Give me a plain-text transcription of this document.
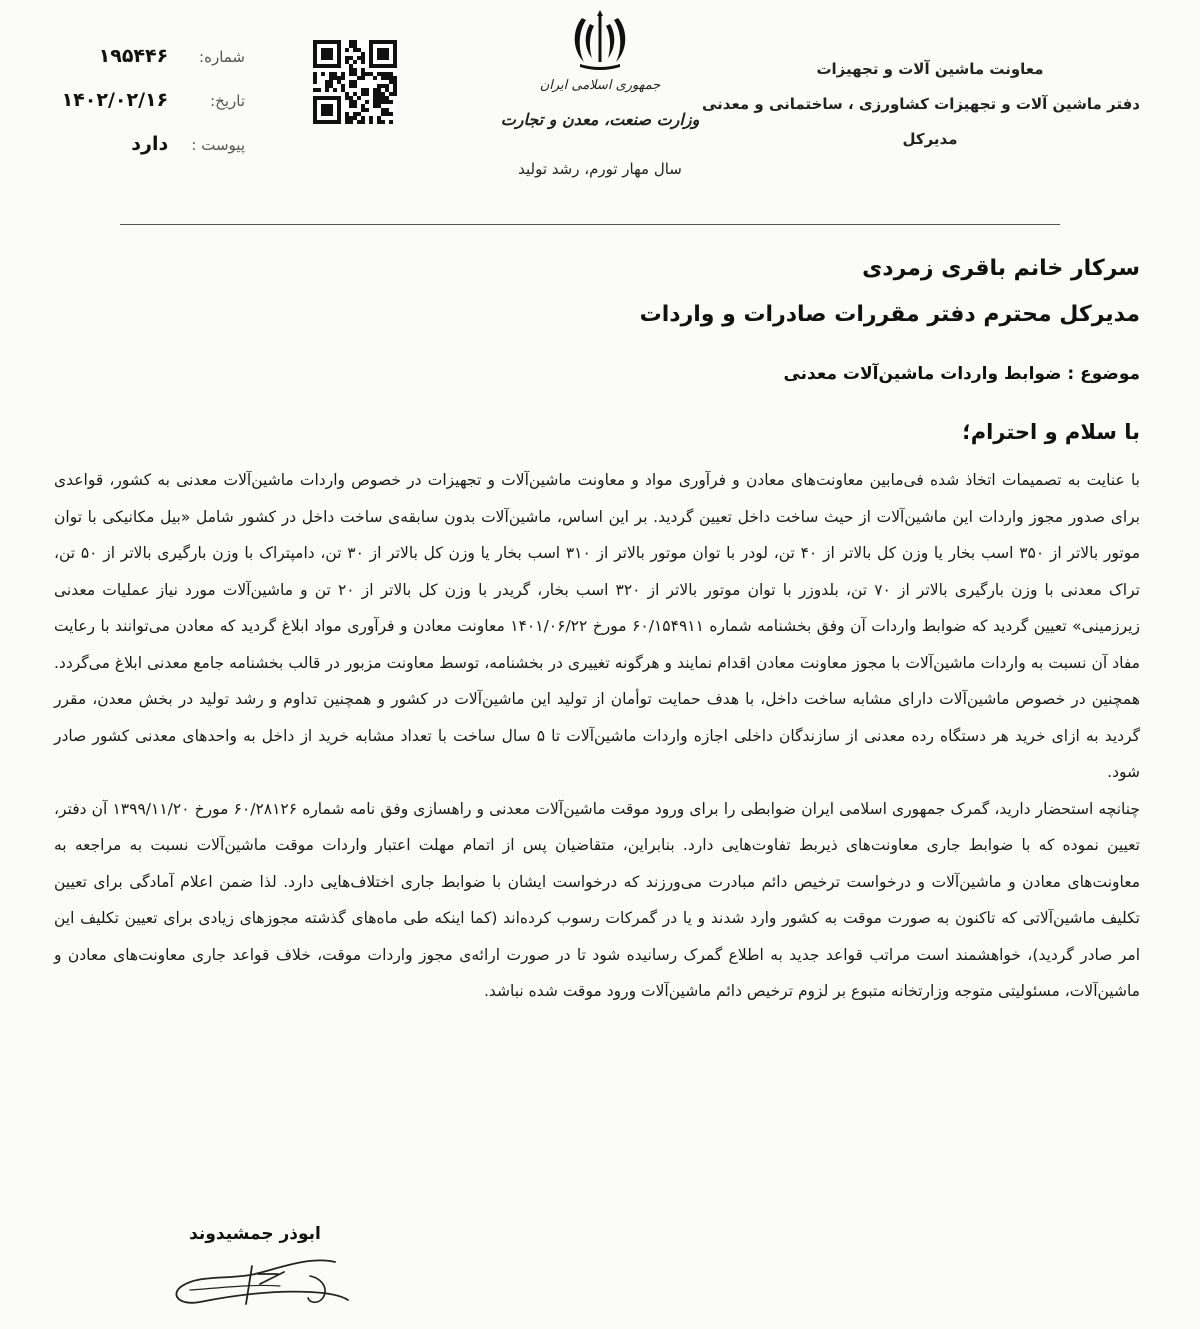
معاونت ماشین آلات و تجهیزات
دفتر ماشین آلات و تجهیزات کشاورزی ، ساختمانی و معدنی
مدیرکل
جمهوری اسلامی ایران
وزارت صنعت، معدن و تجارت
سال مهار تورم، رشد تولید
شماره: ۱۹۵۴۴۶
تاریخ: ۱۴۰۲/۰۲/۱۶
پیوست : دارد
سرکار خانم باقری زمردی
مدیرکل محترم دفتر مقررات صادرات و واردات
موضوع : ضوابط واردات ماشین‌آلات معدنی
با سلام و احترام؛

با عنایت به تصمیمات اتخاذ شده فی‌مابین معاونت‌های معادن و فرآوری مواد و معاونت ماشین‌آلات و تجهیزات در خصوص واردات ماشین‌آلات معدنی به کشور، قواعدی برای صدور مجوز واردات این ماشین‌آلات از حیث ساخت داخل تعیین گردید. بر این اساس، ماشین‌آلات بدون سابقه‌ی ساخت داخل در کشور شامل «بیل مکانیکی با توان موتور بالاتر از ۳۵۰ اسب بخار یا وزن کل بالاتر از ۴۰ تن، لودر با توان موتور بالاتر از ۳۱۰ اسب بخار یا وزن کل بالاتر از ۳۰ تن، دامپتراک با وزن بارگیری بالاتر از ۵۰ تن، تراک معدنی با وزن بارگیری بالاتر از ۷۰ تن، بلدوزر با توان موتور بالاتر از ۳۲۰ اسب بخار، گریدر با وزن کل بالاتر از ۲۰ تن و ماشین‌آلات مورد نیاز عملیات معدنی زیرزمینی» تعیین گردید که ضوابط واردات آن وفق بخشنامه شماره ۶۰/۱۵۴۹۱۱ مورخ ۱۴۰۱/۰۶/۲۲ معاونت معادن و فرآوری مواد ابلاغ گردید که معادن می‌توانند با رعایت مفاد آن نسبت به واردات ماشین‌آلات با مجوز معاونت معادن اقدام نمایند و هرگونه تغییری در بخشنامه، توسط معاونت مزبور در قالب بخشنامه جامع معدنی ابلاغ می‌گردد. همچنین در خصوص ماشین‌آلات دارای مشابه ساخت داخل، با هدف حمایت توأمان از تولید این ماشین‌آلات در کشور و همچنین تداوم و رشد تولید در بخش معدن، مقرر گردید به ازای خرید هر دستگاه رده معدنی از سازندگان داخلی اجازه واردات ماشین‌آلات تا ۵ سال ساخت با تعداد مشابه خرید از داخل به واحدهای معدنی کشور صادر شود.

چنانچه استحضار دارید، گمرک جمهوری اسلامی ایران ضوابطی را برای ورود موقت ماشین‌آلات معدنی و راهسازی وفق نامه شماره ۶۰/۲۸۱۲۶ مورخ ۱۳۹۹/۱۱/۲۰ آن دفتر، تعیین نموده که با ضوابط جاری معاونت‌های ذیربط تفاوت‌هایی دارد. بنابراین، متقاضیان پس از اتمام مهلت اعتبار واردات موقت ماشین‌آلات نسبت به مراجعه به معاونت‌های معادن و ماشین‌آلات و درخواست ترخیص دائم مبادرت می‌ورزند که درخواست ایشان با ضوابط جاری اختلاف‌هایی دارد. لذا ضمن اعلام آمادگی برای تعیین تکلیف ماشین‌آلاتی که تاکنون به صورت موقت به کشور وارد شدند و یا در گمرکات رسوب کرده‌اند (کما اینکه طی ماه‌های گذشته مجوزهای زیادی برای تعیین تکلیف این امر صادر گردید)، خواهشمند است مراتب قواعد جدید به اطلاع گمرک رسانیده شود تا در صورت ارائه‌ی مجوز واردات موقت، خلاف قواعد جاری معاونت‌های معادن و ماشین‌آلات، مسئولیتی متوجه وزارتخانه متبوع بر لزوم ترخیص دائم ماشین‌آلات ورود موقت شده نباشد.

ابوذر جمشیدوند
